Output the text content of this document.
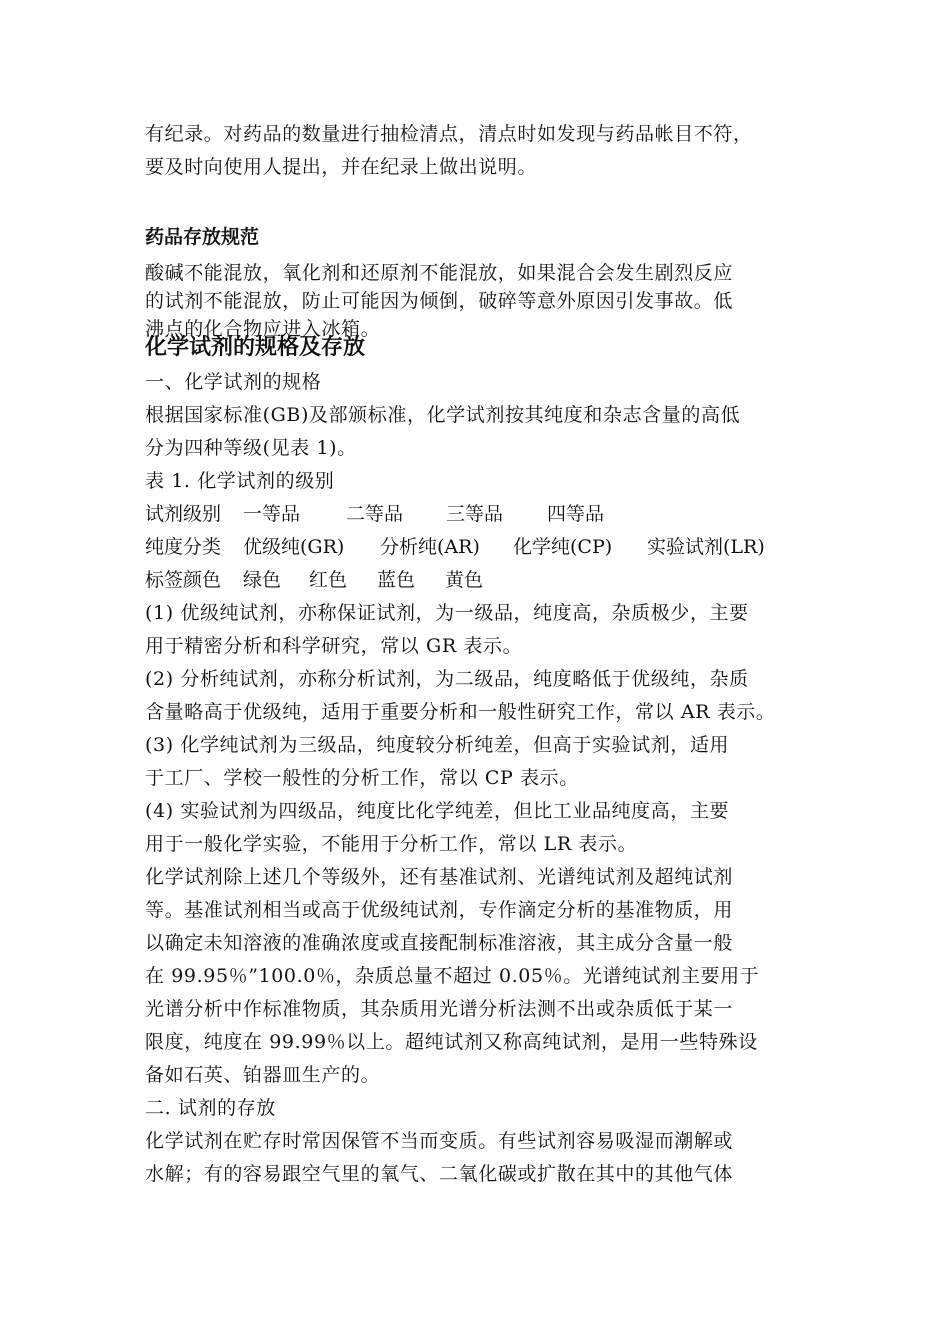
有纪录。对药品的数量进行抽检清点，清点时如发现与药品帐目不符，

要及时向使用人提出，并在纪录上做出说明。

药品存放规范

酸碱不能混放，氧化剂和还原剂不能混放，如果混合会发生剧烈反应

的试剂不能混放，防止可能因为倾倒，破碎等意外原因引发事故。低

沸点的化合物应进入冰箱。

化学试剂的规格及存放

一、化学试剂的规格

根据国家标准(GB)及部颁标准，化学试剂按其纯度和杂志含量的高低

分为四种等级(见表 1)。

表 1. 化学试剂的级别

试剂级别	一等品	二等品	三等品	四等品
纯度分类	优级纯(GR)	分析纯(AR)	化学纯(CP)	实验试剂(LR)
标签颜色	绿色	红色	蓝色	黄色

(1) 优级纯试剂，亦称保证试剂，为一级品，纯度高，杂质极少，主要

用于精密分析和科学研究，常以 GR 表示。

(2) 分析纯试剂，亦称分析试剂，为二级品，纯度略低于优级纯，杂质

含量略高于优级纯，适用于重要分析和一般性研究工作，常以 AR 表示。

(3) 化学纯试剂为三级品，纯度较分析纯差，但高于实验试剂，适用

于工厂、学校一般性的分析工作，常以 CP 表示。

(4) 实验试剂为四级品，纯度比化学纯差，但比工业品纯度高，主要

用于一般化学实验，不能用于分析工作，常以 LR 表示。

化学试剂除上述几个等级外，还有基准试剂、光谱纯试剂及超纯试剂

等。基准试剂相当或高于优级纯试剂，专作滴定分析的基准物质，用

以确定未知溶液的准确浓度或直接配制标准溶液，其主成分含量一般

在 99.95％”100.0％，杂质总量不超过 0.05％。光谱纯试剂主要用于

光谱分析中作标准物质，其杂质用光谱分析法测不出或杂质低于某一

限度，纯度在 99.99％以上。超纯试剂又称高纯试剂，是用一些特殊设

备如石英、铂器皿生产的。

二. 试剂的存放

化学试剂在贮存时常因保管不当而变质。有些试剂容易吸湿而潮解或

水解；有的容易跟空气里的氧气、二氧化碳或扩散在其中的其他气体
